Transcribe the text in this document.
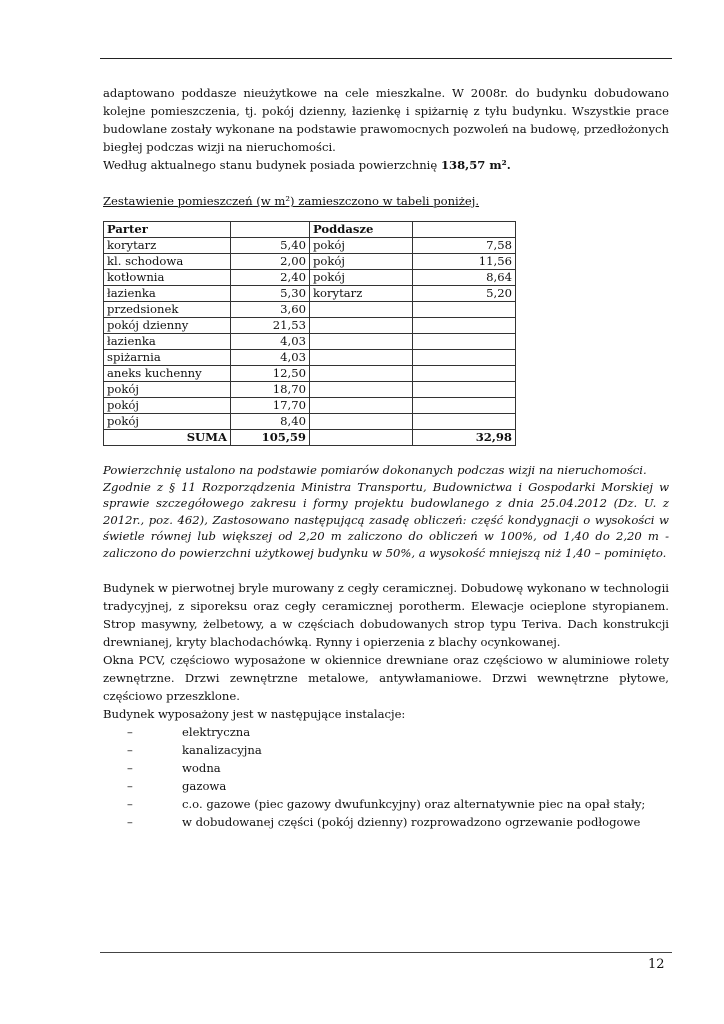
adaptowano poddasze nieużytkowe na cele mieszkalne. W 2008r. do budynku dobudowano kolejne pomieszczenia, tj. pokój dzienny, łazienkę i spiżarnię z tyłu budynku. Wszystkie prace budowlane zostały wykonane na podstawie prawomocnych pozwoleń na budowę, przedłożonych biegłej podczas wizji na nieruchomości.

Według aktualnego stanu budynek posiada powierzchnię 138,57 m².

Zestawienie pomieszczeń (w m²) zamieszczono w tabeli poniżej.

Parter		Poddasze	
korytarz	5,40	pokój	7,58
kl. schodowa	2,00	pokój	11,56
kotłownia	2,40	pokój	8,64
łazienka	5,30	korytarz	5,20
przedsionek	3,60		
pokój dzienny	21,53		
łazienka	4,03		
spiżarnia	4,03		
aneks kuchenny	12,50		
pokój	18,70		
pokój	17,70		
pokój	8,40		
SUMA	105,59		32,98

Powierzchnię ustalono na podstawie pomiarów dokonanych podczas wizji na nieruchomości.

Zgodnie z § 11 Rozporządzenia Ministra Transportu, Budownictwa i Gospodarki Morskiej w sprawie szczegółowego zakresu i formy projektu budowlanego z dnia 25.04.2012 (Dz. U. z 2012r., poz. 462), Zastosowano następującą zasadę obliczeń: część kondygnacji o wysokości w świetle równej lub większej od 2,20 m zaliczono do obliczeń w 100%, od 1,40 do 2,20 m - zaliczono do powierzchni użytkowej budynku w 50%, a wysokość mniejszą niż 1,40 – pominięto.

Budynek w pierwotnej bryle murowany z cegły ceramicznej. Dobudowę wykonano w technologii tradycyjnej, z siporeksu oraz cegły ceramicznej porotherm. Elewacje ocieplone styropianem. Strop masywny, żelbetowy, a w częściach dobudowanych strop typu Teriva. Dach konstrukcji drewnianej, kryty blachodachówką. Rynny i opierzenia z blachy ocynkowanej.

Okna PCV, częściowo wyposażone w okiennice drewniane oraz częściowo w aluminiowe rolety zewnętrzne. Drzwi zewnętrzne metalowe, antywłamaniowe. Drzwi wewnętrzne płytowe, częściowo przeszklone.

Budynek wyposażony jest w następujące instalacje:

–	elektryczna
–	kanalizacyjna
–	wodna
–	gazowa
–	c.o. gazowe (piec gazowy dwufunkcyjny) oraz alternatywnie piec na opał stały;
–	w dobudowanej części (pokój dzienny) rozprowadzono ogrzewanie podłogowe
12
